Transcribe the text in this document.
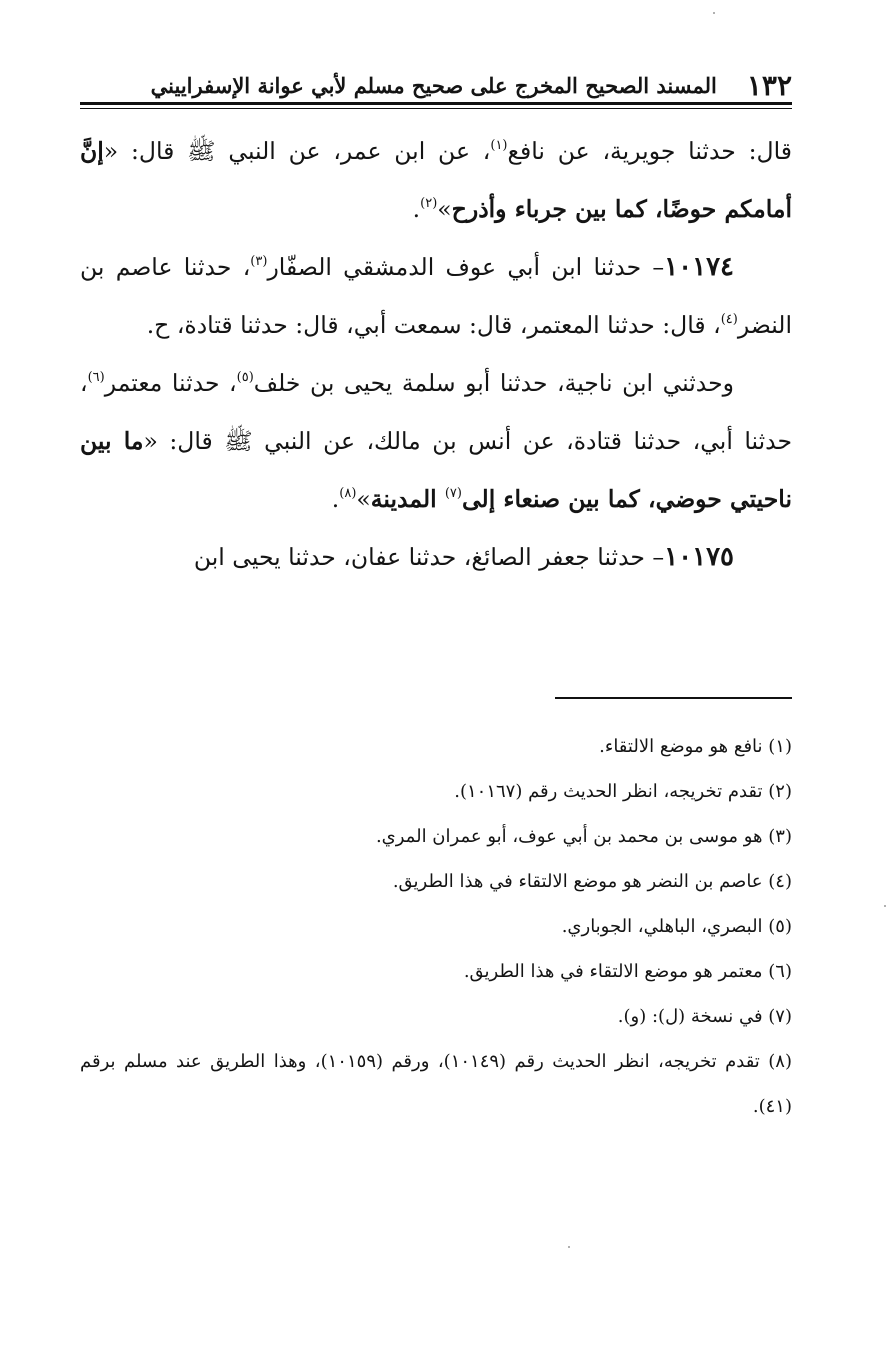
١٣٢
المسند الصحيح المخرج على صحيح مسلم لأبي عوانة الإسفراييني

قال: حدثنا جويرية، عن نافع$^{(١)}$، عن ابن عمر، عن النبي ﷺ قال: «إنَّ أمامكم حوضًا، كما بين جرباء وأذرح»$^{(٢)}$.

١٠١٧٤– حدثنا ابن أبي عوف الدمشقي الصفّار$^{(٣)}$، حدثنا عاصم بن النضر$^{(٤)}$، قال: حدثنا المعتمر، قال: سمعت أبي، قال: حدثنا قتادة، ح.

وحدثني ابن ناجية، حدثنا أبو سلمة يحيى بن خلف$^{(٥)}$، حدثنا معتمر$^{(٦)}$، حدثنا أبي، حدثنا قتادة، عن أنس بن مالك، عن النبي ﷺ قال: «ما بين ناحيتي حوضي، كما بين صنعاء إلى$^{(٧)}$ المدينة»$^{(٨)}$.

١٠١٧٥– حدثنا جعفر الصائغ، حدثنا عفان، حدثنا يحيى ابن

(١) نافع هو موضع الالتقاء.

(٢) تقدم تخريجه، انظر الحديث رقم (١٠١٦٧).

(٣) هو موسى بن محمد بن أبي عوف، أبو عمران المري.

(٤) عاصم بن النضر هو موضع الالتقاء في هذا الطريق.

(٥) البصري، الباهلي، الجوباري.

(٦) معتمر هو موضع الالتقاء في هذا الطريق.

(٧) في نسخة (ل): (و).

(٨) تقدم تخريجه، انظر الحديث رقم (١٠١٤٩)، ورقم (١٠١٥٩)، وهذا الطريق عند مسلم برقم (٤١).
